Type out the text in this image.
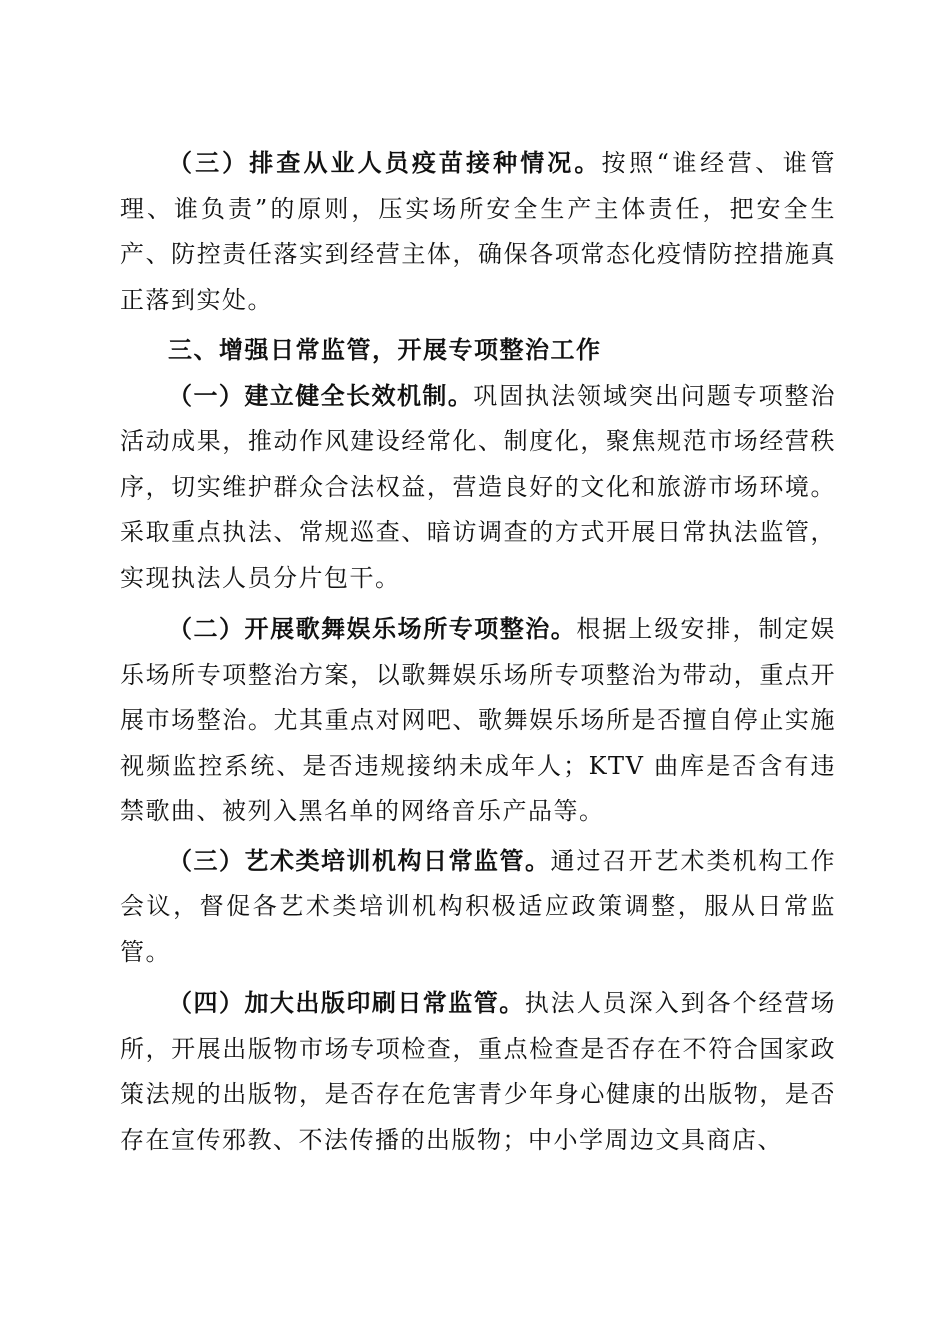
（三）排查从业人员疫苗接种情况。按照“谁经营、谁管理、谁负责”的原则，压实场所安全生产主体责任，把安全生产、防控责任落实到经营主体，确保各项常态化疫情防控措施真正落到实处。

三、增强日常监管，开展专项整治工作

（一）建立健全长效机制。巩固执法领域突出问题专项整治活动成果，推动作风建设经常化、制度化，聚焦规范市场经营秩序，切实维护群众合法权益，营造良好的文化和旅游市场环境。采取重点执法、常规巡查、暗访调查的方式开展日常执法监管，实现执法人员分片包干。

（二）开展歌舞娱乐场所专项整治。根据上级安排，制定娱乐场所专项整治方案，以歌舞娱乐场所专项整治为带动，重点开展市场整治。尤其重点对网吧、歌舞娱乐场所是否擅自停止实施视频监控系统、是否违规接纳未成年人；KTV 曲库是否含有违禁歌曲、被列入黑名单的网络音乐产品等。

（三）艺术类培训机构日常监管。通过召开艺术类机构工作会议，督促各艺术类培训机构积极适应政策调整，服从日常监管。

（四）加大出版印刷日常监管。执法人员深入到各个经营场所，开展出版物市场专项检查，重点检查是否存在不符合国家政策法规的出版物，是否存在危害青少年身心健康的出版物，是否存在宣传邪教、不法传播的出版物；中小学周边文具商店、
